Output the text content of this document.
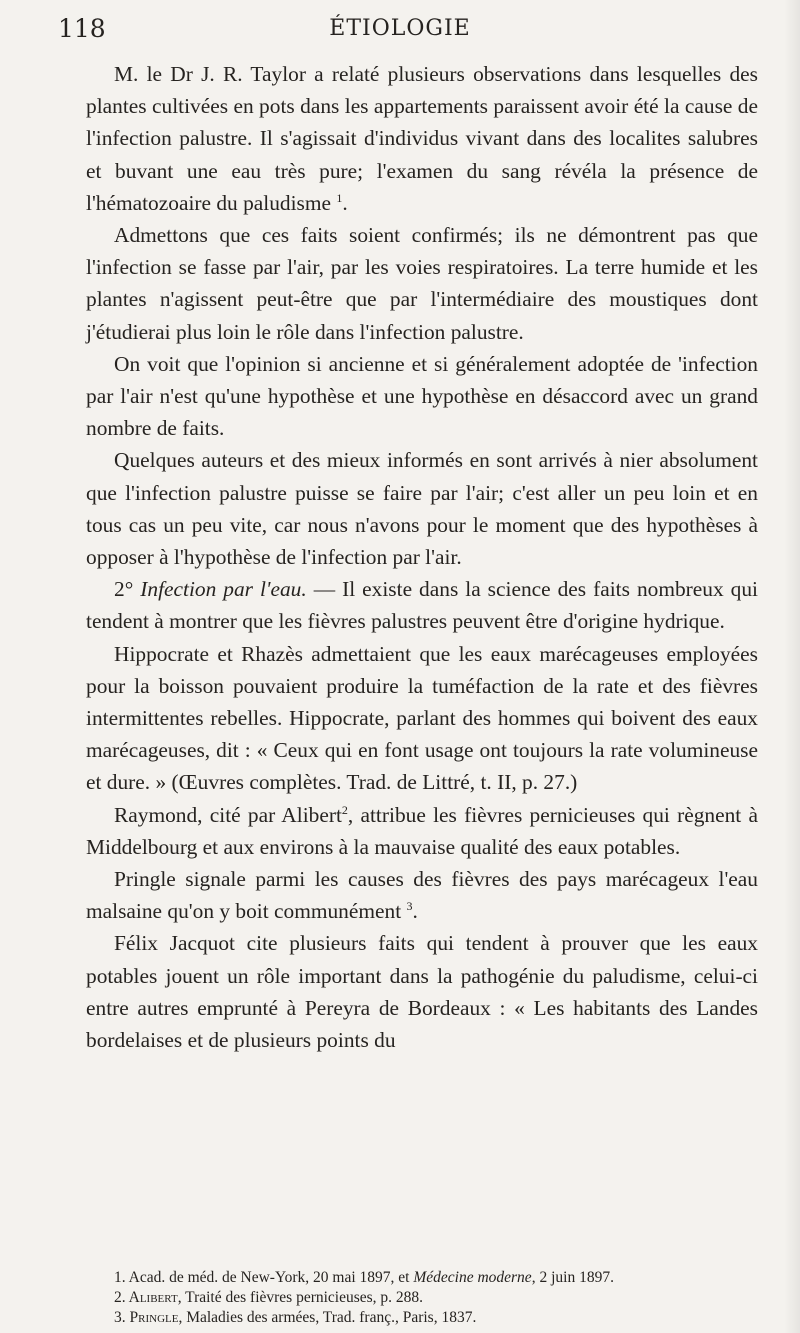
118	ÉTIOLOGIE

M. le Dr J. R. Taylor a relaté plusieurs observations dans lesquelles des plantes cultivées en pots dans les appartements paraissent avoir été la cause de l'infection palustre. Il s'agissait d'individus vivant dans des localites salubres et buvant une eau très pure; l'examen du sang révéla la présence de l'hématozoaire du paludisme $^1$.

Admettons que ces faits soient confirmés; ils ne démontrent pas que l'infection se fasse par l'air, par les voies respiratoires. La terre humide et les plantes n'agissent peut-être que par l'intermédiaire des moustiques dont j'étudierai plus loin le rôle dans l'infection palustre.

On voit que l'opinion si ancienne et si généralement adoptée de 'infection par l'air n'est qu'une hypothèse et une hypothèse en désaccord avec un grand nombre de faits.

Quelques auteurs et des mieux informés en sont arrivés à nier absolument que l'infection palustre puisse se faire par l'air; c'est aller un peu loin et en tous cas un peu vite, car nous n'avons pour le moment que des hypothèses à opposer à l'hypothèse de l'infection par l'air.

2° Infection par l'eau. — Il existe dans la science des faits nombreux qui tendent à montrer que les fièvres palustres peuvent être d'origine hydrique.

Hippocrate et Rhazès admettaient que les eaux marécageuses employées pour la boisson pouvaient produire la tuméfaction de la rate et des fièvres intermittentes rebelles. Hippocrate, parlant des hommes qui boivent des eaux marécageuses, dit : « Ceux qui en font usage ont toujours la rate volumineuse et dure. » (Œuvres complètes. Trad. de Littré, t. II, p. 27.)

Raymond, cité par Alibert$^2$, attribue les fièvres pernicieuses qui règnent à Middelbourg et aux environs à la mauvaise qualité des eaux potables.

Pringle signale parmi les causes des fièvres des pays marécageux l'eau malsaine qu'on y boit communément $^3$.

Félix Jacquot cite plusieurs faits qui tendent à prouver que les eaux potables jouent un rôle important dans la pathogénie du paludisme, celui-ci entre autres emprunté à Pereyra de Bordeaux : « Les habitants des Landes bordelaises et de plusieurs points du

1. Acad. de méd. de New-York, 20 mai 1897, et Médecine moderne, 2 juin 1897.
2. Alibert, Traité des fièvres pernicieuses, p. 288.
3. Pringle, Maladies des armées, Trad. franç., Paris, 1837.
